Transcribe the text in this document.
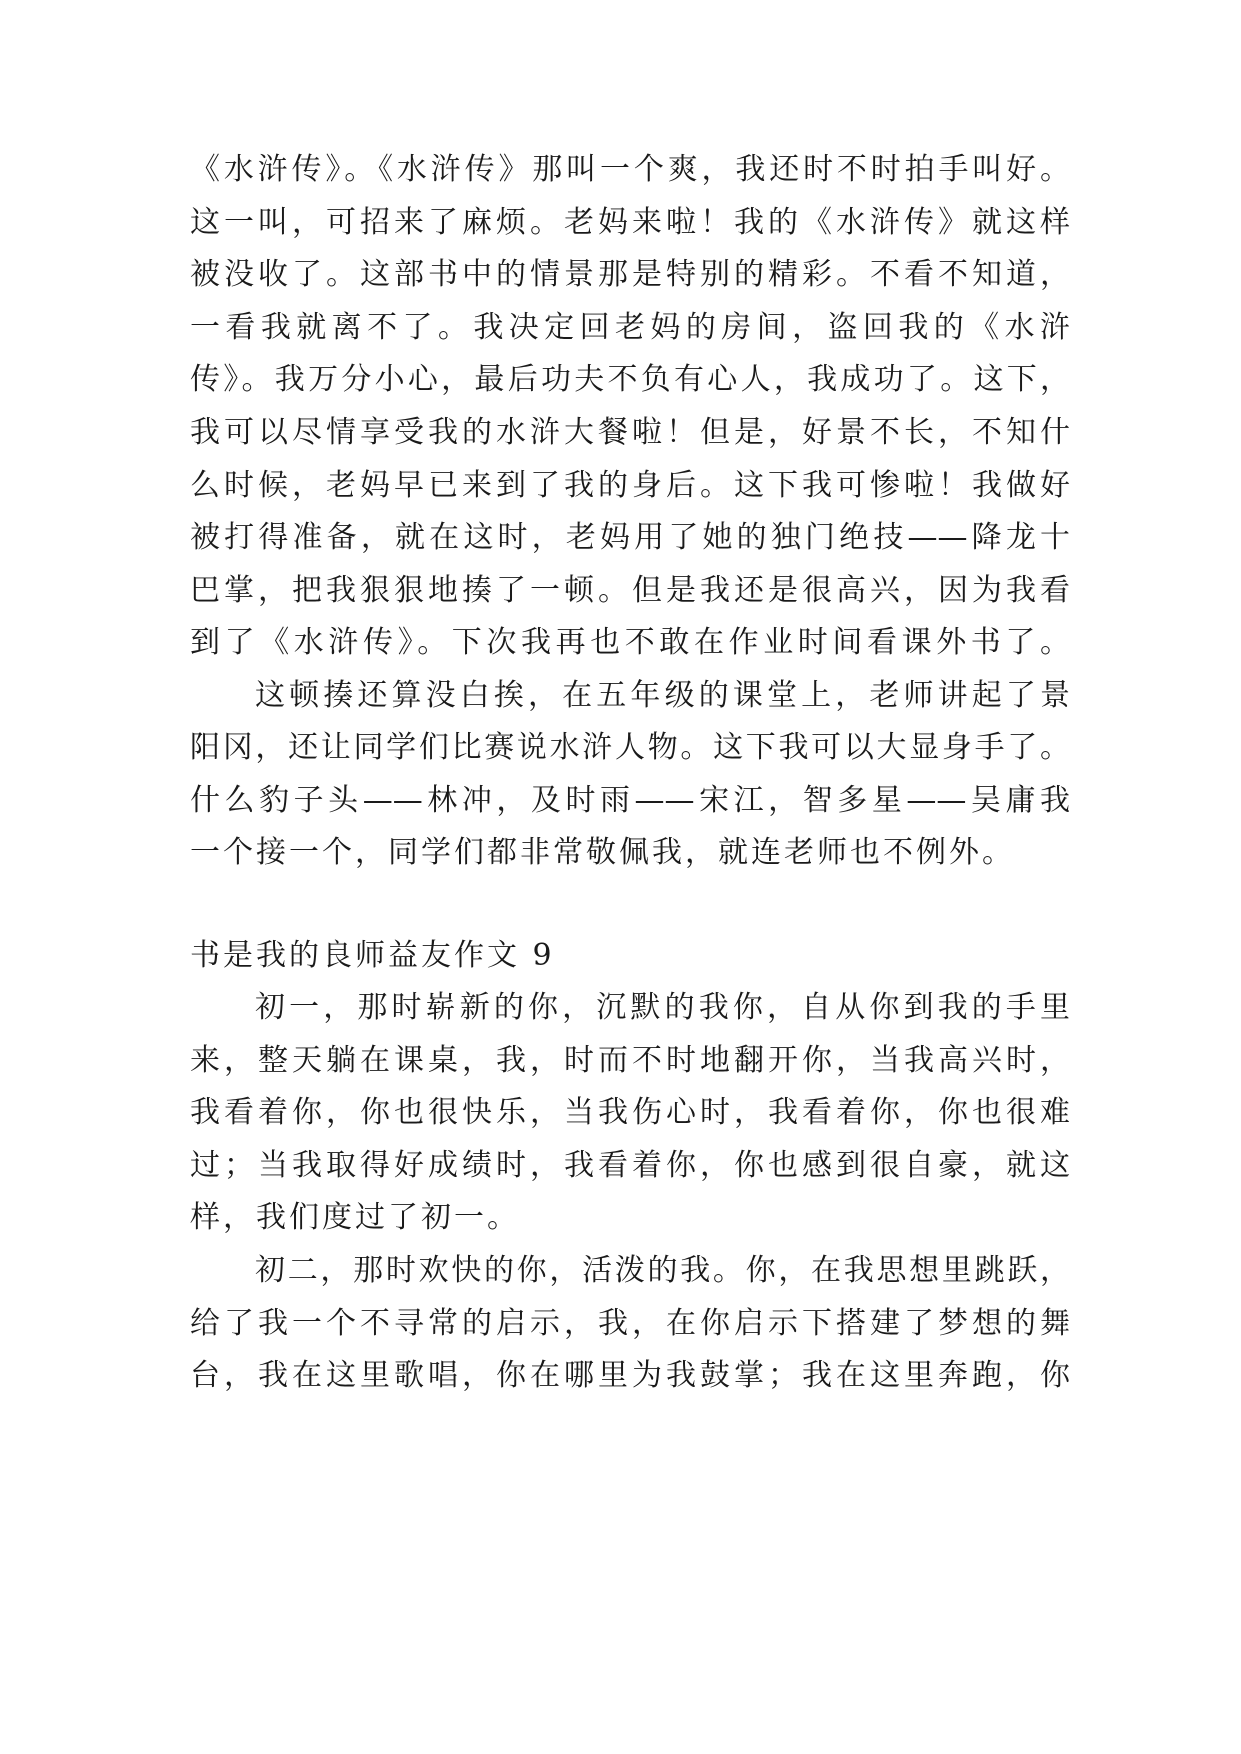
《水浒传》。《水浒传》那叫一个爽，我还时不时拍手叫好。
这一叫，可招来了麻烦。老妈来啦！我的《水浒传》就这样
被没收了。这部书中的情景那是特别的精彩。不看不知道，
一看我就离不了。我决定回老妈的房间，盗回我的《水浒
传》。我万分小心，最后功夫不负有心人，我成功了。这下，
我可以尽情享受我的水浒大餐啦！但是，好景不长，不知什
么时候，老妈早已来到了我的身后。这下我可惨啦！我做好
被打得准备，就在这时，老妈用了她的独门绝技——降龙十
巴掌，把我狠狠地揍了一顿。但是我还是很高兴，因为我看
到了《水浒传》。下次我再也不敢在作业时间看课外书了。
这顿揍还算没白挨，在五年级的课堂上，老师讲起了景
阳冈，还让同学们比赛说水浒人物。这下我可以大显身手了。
什么豹子头——林冲，及时雨——宋江，智多星——吴庸我
一个接一个，同学们都非常敬佩我，就连老师也不例外。
书是我的良师益友作文 9
初一，那时崭新的你，沉默的我你，自从你到我的手里
来，整天躺在课桌，我，时而不时地翻开你，当我高兴时，
我看着你，你也很快乐，当我伤心时，我看着你，你也很难
过；当我取得好成绩时，我看着你，你也感到很自豪，就这
样，我们度过了初一。
初二，那时欢快的你，活泼的我。你，在我思想里跳跃，
给了我一个不寻常的启示，我，在你启示下搭建了梦想的舞
台，我在这里歌唱，你在哪里为我鼓掌；我在这里奔跑，你
